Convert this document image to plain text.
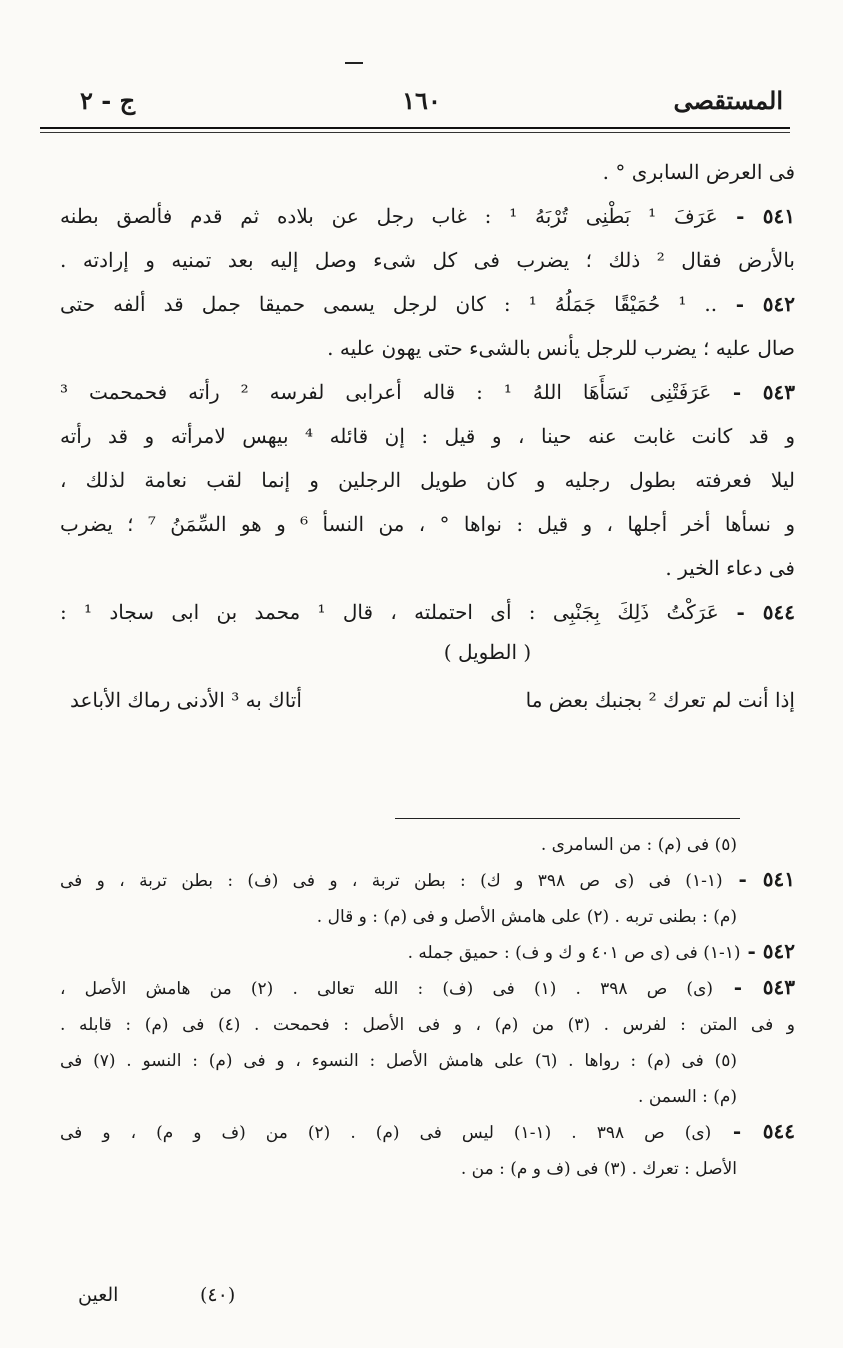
المستقصى
١٦٠
ج - ٢
فى العرض السابرى ° .
٥٤١ - عَرَفَ ¹ بَطْنِى تُرْبَهُ ¹ : غاب رجل عن بلاده ثم قدم فألصق بطنه
بالأرض فقال ² ذلك ؛ يضرب فى كل شىء وصل إليه بعد تمنيه و إرادته .
٥٤٢ - .. ¹ حُمَيْقًا جَمَلُهُ ¹ : كان لرجل يسمى حميقا جمل قد ألفه حتى
صال عليه ؛ يضرب للرجل يأنس بالشىء حتى يهون عليه .
٥٤٣ - عَرَفَتْنِى نَسَأَهَا اللهُ ¹ : قاله أعرابى لفرسه ² رأته فحمحمت ³
و قد كانت غابت عنه حينا ، و قيل : إن قائله ⁴ بيهس لامرأته و قد رأته
ليلا فعرفته بطول رجليه و كان طويل الرجلين و إنما لقب نعامة لذلك ،
و نسأها أخر أجلها ، و قيل : نواها ° ، من النسأ ⁶ و هو السِّمَنُ ⁷ ؛ يضرب
فى دعاء الخير .
٥٤٤ - عَرَكْتُ ذَلِكَ بِجَنْبِى : أى احتملته ، قال ¹ محمد بن ابى سجاد ¹ :
( الطويل )
إذا أنت لم تعرك ² بجنبك بعض ما
أتاك به ³ الأدنى رماك الأباعد
(٥) فى (م) : من السامرى .
٥٤١ - (١-١) فى (ى ص ٣٩٨ و ك) : بطن تربة ، و فى (ف) : بطن تربة ، و فى
(م) : بطنى تربه . (٢) على هامش الأصل و فى (م) : و قال .
٥٤٢ - (١-١) فى (ى ص ٤٠١ و ك و ف) : حميق جمله .
٥٤٣ - (ى) ص ٣٩٨ . (١) فى (ف) : الله تعالى . (٢) من هامش الأصل ،
و فى المتن : لفرس . (٣) من (م) ، و فى الأصل : فحمحت . (٤) فى (م) : قابله .
(٥) فى (م) : رواها . (٦) على هامش الأصل : النسوء ، و فى (م) : النسو . (٧) فى
(م) : السمن .
٥٤٤ - (ى) ص ٣٩٨ . (١-١) ليس فى (م) . (٢) من (ف و م) ، و فى
الأصل : تعرك . (٣) فى (ف و م) : من .
(٤٠)
العين
